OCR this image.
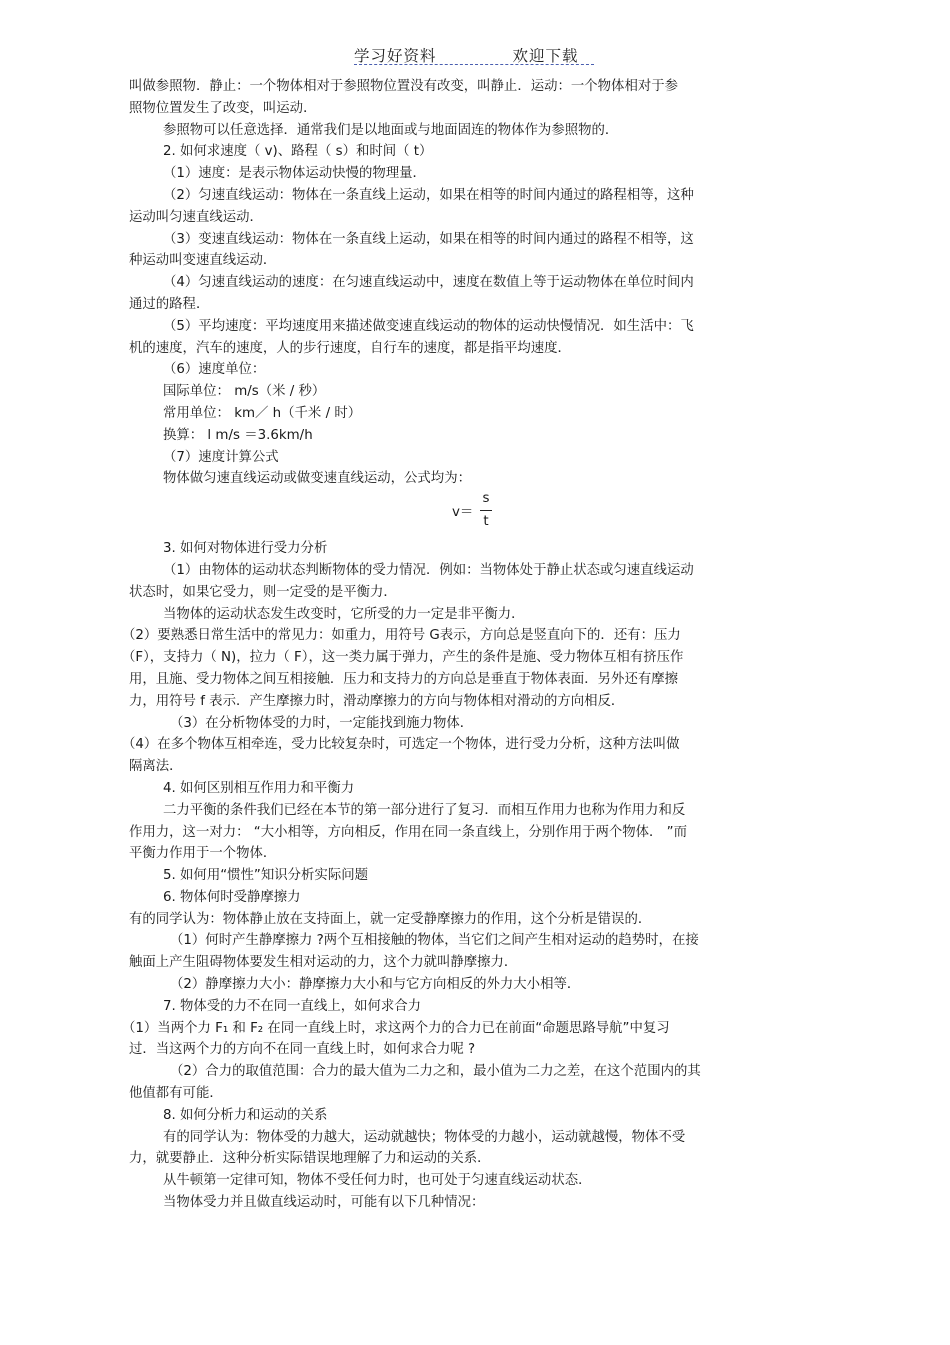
学习好资料	欢迎下载
叫做参照物．静止：一个物体相对于参照物位置没有改变，叫静止．运动：一个物体相对于参
照物位置发生了改变，叫运动．
参照物可以任意选择．通常我们是以地面或与地面固连的物体作为参照物的．
2. 如何求速度（ v)、路程（ s）和时间（ t）
（1）速度：是表示物体运动快慢的物理量．
（2）匀速直线运动：物体在一条直线上运动，如果在相等的时间内通过的路程相等，这种
运动叫匀速直线运动．
（3）变速直线运动：物体在一条直线上运动，如果在相等的时间内通过的路程不相等，这
种运动叫变速直线运动．
（4）匀速直线运动的速度：在匀速直线运动中，速度在数值上等于运动物体在单位时间内
通过的路程．
（5）平均速度：平均速度用来描述做变速直线运动的物体的运动快慢情况．如生活中：飞
机的速度，汽车的速度，人的步行速度，自行车的速度，都是指平均速度．
（6）速度单位：
国际单位： m/s（米 / 秒）
常用单位： km／ h（千米 / 时）
换算： l m/s ＝3.6km/h
（7）速度计算公式
物体做匀速直线运动或做变速直线运动，公式均为：
v＝
s
t
3. 如何对物体进行受力分析
（1）由物体的运动状态判断物体的受力情况．例如：当物体处于静止状态或匀速直线运动
状态时，如果它受力，则一定受的是平衡力．
当物体的运动状态发生改变时，它所受的力一定是非平衡力．
（2）要熟悉日常生活中的常见力：如重力，用符号 G表示，方向总是竖直向下的．还有：压力
（F），支持力（ N)，拉力（ F），这一类力属于弹力，产生的条件是施、受力物体互相有挤压作
用，且施、受力物体之间互相接触．压力和支持力的方向总是垂直于物体表面．另外还有摩擦
力，用符号 f 表示．产生摩擦力时，滑动摩擦力的方向与物体相对滑动的方向相反．
（3）在分析物体受的力时，一定能找到施力物体．
（4）在多个物体互相牵连，受力比较复杂时，可选定一个物体，进行受力分析，这种方法叫做
隔离法．
4. 如何区别相互作用力和平衡力
二力平衡的条件我们已经在本节的第一部分进行了复习．而相互作用力也称为作用力和反
作用力，这一对力： “大小相等，方向相反，作用在同一条直线上，分别作用于两个物体． ”而
平衡力作用于一个物体．
5. 如何用“惯性”知识分析实际问题
6. 物体何时受静摩擦力
有的同学认为：物体静止放在支持面上，就一定受静摩擦力的作用，这个分析是错误的．
（1）何时产生静摩擦力 ?两个互相接触的物体，当它们之间产生相对运动的趋势时，在接
触面上产生阻碍物体要发生相对运动的力，这个力就叫静摩擦力．
（2）静摩擦力大小：静摩擦力大小和与它方向相反的外力大小相等．
7. 物体受的力不在同一直线上，如何求合力
（1）当两个力 F₁ 和 F₂ 在同一直线上时，求这两个力的合力已在前面“命题思路导航”中复习
过．当这两个力的方向不在同一直线上时，如何求合力呢 ?
（2）合力的取值范围：合力的最大值为二力之和，最小值为二力之差，在这个范围内的其
他值都有可能．
8. 如何分析力和运动的关系
有的同学认为：物体受的力越大，运动就越快；物体受的力越小，运动就越慢，物体不受
力，就要静止．这种分析实际错误地理解了力和运动的关系．
从牛顿第一定律可知，物体不受任何力时，也可处于匀速直线运动状态．
当物体受力并且做直线运动时，可能有以下几种情况：
